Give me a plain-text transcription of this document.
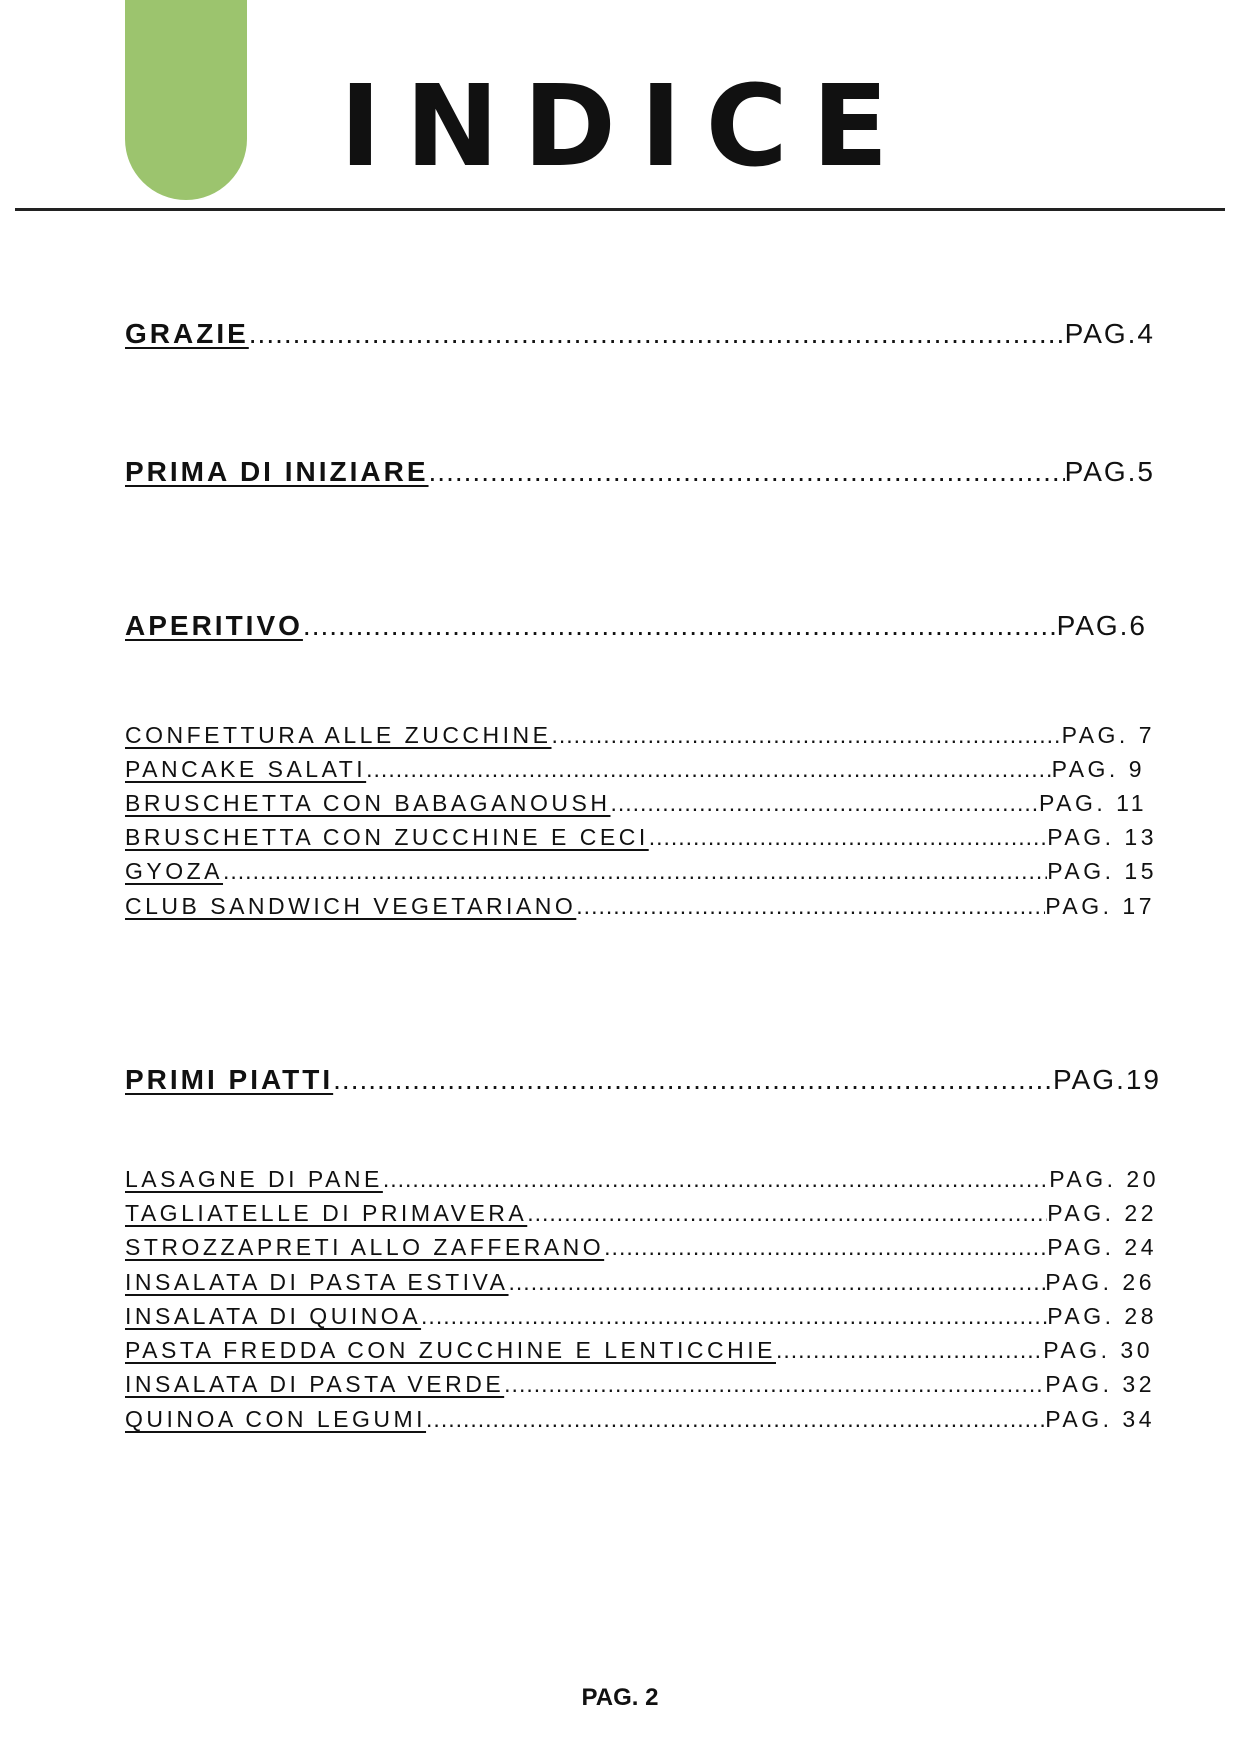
INDICE
GRAZIE .....	PAG.4
PRIMA DI INIZIARE .....	PAG.5
APERITIVO .....	PAG.6
CONFETTURA ALLE ZUCCHINE .....	PAG. 7
PANCAKE SALATI .....	PAG. 9
BRUSCHETTA CON BABAGANOUSH .....	PAG. 11
BRUSCHETTA CON ZUCCHINE E CECI .....	PAG. 13
GYOZA .....	PAG. 15
CLUB SANDWICH VEGETARIANO .....	PAG. 17
PRIMI PIATTI .....	PAG.19
LASAGNE DI PANE .....	PAG. 20
TAGLIATELLE DI PRIMAVERA .....	PAG. 22
STROZZAPRETI ALLO ZAFFERANO .....	PAG. 24
INSALATA DI PASTA ESTIVA .....	PAG. 26
INSALATA DI QUINOA .....	PAG. 28
PASTA FREDDA CON ZUCCHINE E LENTICCHIE .....	PAG. 30
INSALATA DI PASTA VERDE .....	PAG. 32
QUINOA CON LEGUMI .....	PAG. 34
PAG. 2
